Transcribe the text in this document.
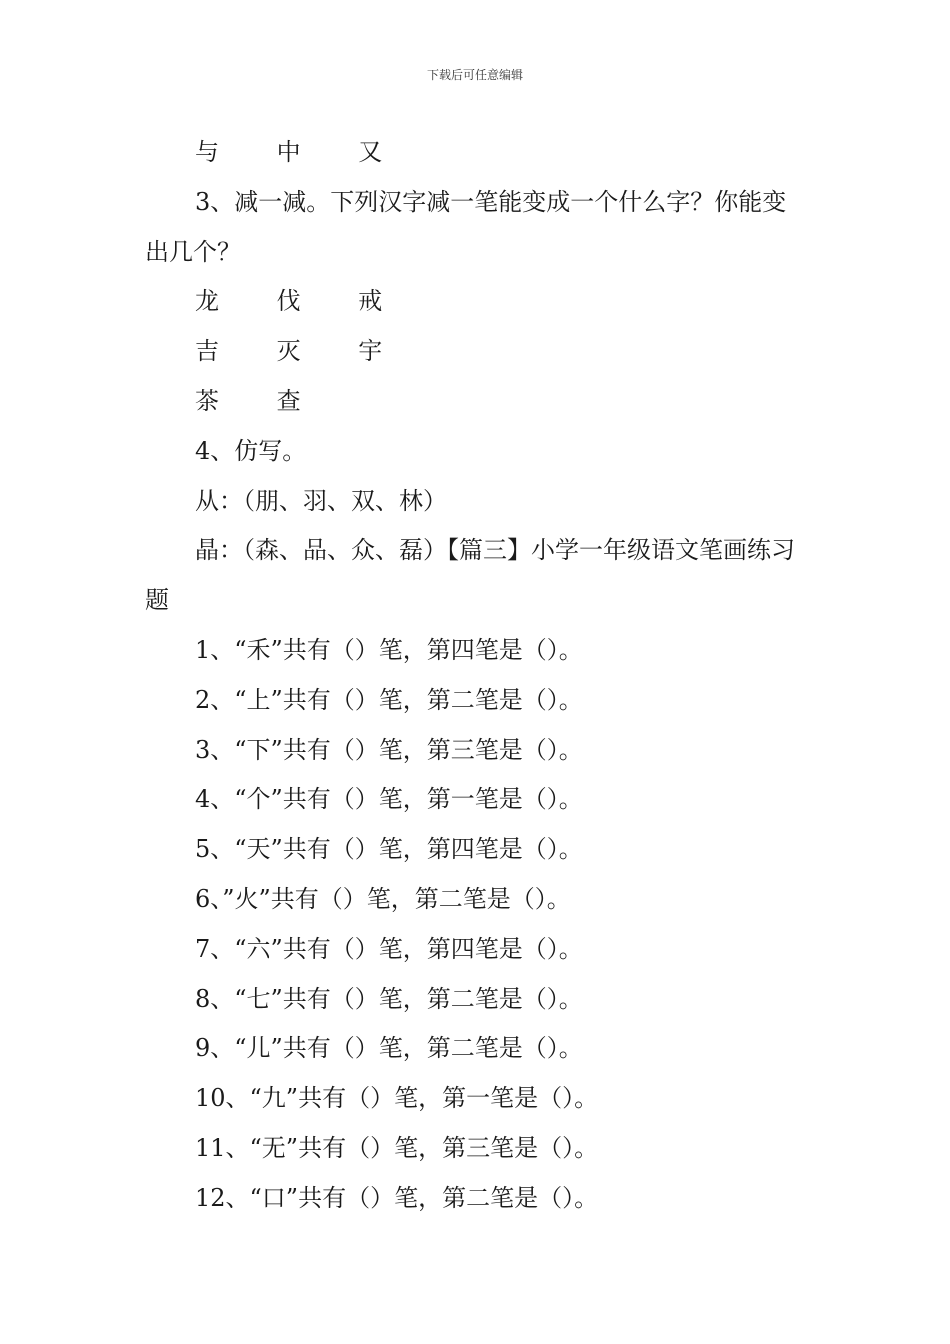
下载后可任意编辑
与 中 又
3、减一减。下列汉字减一笔能变成一个什么字？你能变出几个？
龙 伐 戒
吉 灭 宇
茶 查
4、仿写。
从：（朋、羽、双、林）
晶：（森、品、众、磊）【篇三】小学一年级语文笔画练习题
1、“禾”共有（）笔，第四笔是（）。
2、“上”共有（）笔，第二笔是（）。
3、“下”共有（）笔，第三笔是（）。
4、“个”共有（）笔，第一笔是（）。
5、“天”共有（）笔，第四笔是（）。
6、”火”共有（）笔，第二笔是（）。
7、“六”共有（）笔，第四笔是（）。
8、“七”共有（）笔，第二笔是（）。
9、“儿”共有（）笔，第二笔是（）。
10、“九”共有（）笔，第一笔是（）。
11、“无”共有（）笔，第三笔是（）。
12、“口”共有（）笔，第二笔是（）。
